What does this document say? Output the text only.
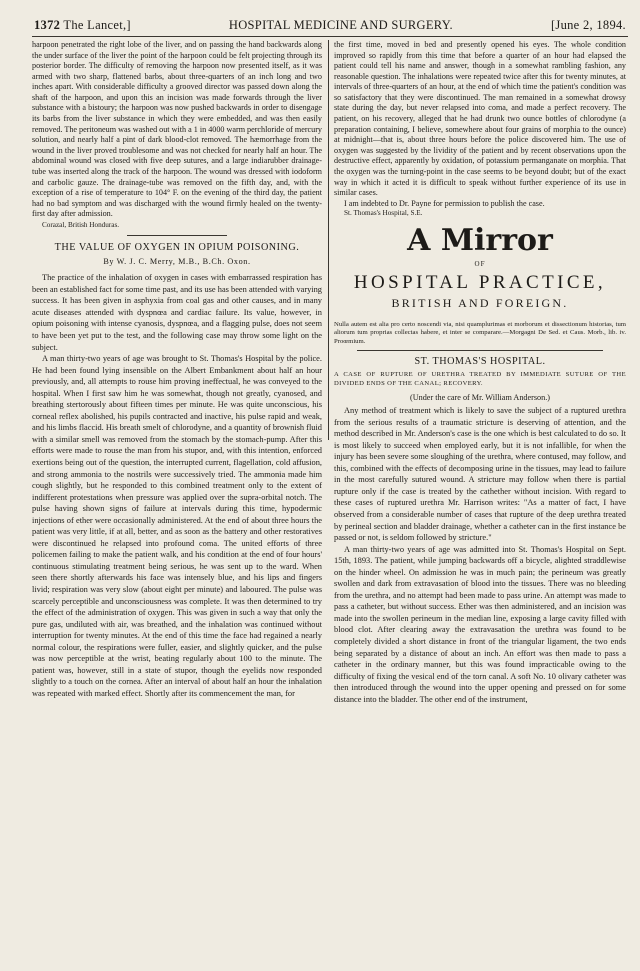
1372 The Lancet,]	HOSPITAL MEDICINE AND SURGERY.	[June 2, 1894.

harpoon penetrated the right lobe of the liver, and on passing the hand backwards along the under surface of the liver the point of the harpoon could be felt projecting through its posterior border. The difficulty of removing the harpoon now presented itself, as it was armed with two sharp, flattened barbs, about three-quarters of an inch long and two inches apart. With considerable difficulty a grooved director was passed down along the shaft of the harpoon, and upon this an incision was made forwards through the liver substance with a bistoury; the harpoon was now pushed backwards in order to disengage its barbs from the liver substance in which they were embedded, and was then easily removed. The peritoneum was washed out with a 1 in 4000 warm perchloride of mercury solution, and nearly half a pint of dark blood-clot removed. The hæmorrhage from the wound in the liver proved troublesome and was not checked for nearly half an hour. The abdominal wound was closed with five deep sutures, and a large indiarubber drainage-tube was inserted along the track of the harpoon. The wound was dressed with iodoform and carbolic gauze. The drainage-tube was removed on the fifth day, and, with the exception of a rise of temperature to 104° F. on the evening of the third day, the patient had no bad symptom and was discharged with the wound firmly healed on the twenty-first day after admission.

Corazal, British Honduras.

THE VALUE OF OXYGEN IN OPIUM POISONING.
By W. J. C. Merry, M.B., B.Ch. Oxon.

The practice of the inhalation of oxygen in cases with embarrassed respiration has been an established fact for some time past, and its use has been attended with varying success. It has been given in asphyxia from coal gas and other causes, and in many acute diseases attended with dyspnœa and cardiac failure. Its value, however, in opium poisoning with intense cyanosis, dyspnœa, and a flagging pulse, does not seem to have been yet put to the test, and the following case may throw some light on the subject.

A man thirty-two years of age was brought to St. Thomas's Hospital by the police. He had been found lying insensible on the Albert Embankment about half an hour previously, and, all attempts to rouse him proving ineffectual, he was conveyed to the hospital. When I first saw him he was somewhat, though not greatly, cyanosed, and breathing stertorously about fifteen times per minute. He was quite unconscious, his corneal reflex abolished, his pupils contracted and inactive, his pulse rapid and weak, and his limbs flaccid. His breath smelt of chlorodyne, and a quantity of brownish fluid with a similar smell was removed from the stomach by the stomach-pump. After this efforts were made to rouse the man from his stupor, and, with this intention, enforced exertions being out of the question, the interrupted current, flagellation, cold affusion, and strong ammonia to the nostrils were successively tried. The ammonia made him cough slightly, but he responded to this combined treatment only to the extent of indifferent protestations when pressure was applied over the supra-orbital notch. The pulse having shown signs of failure at intervals during this time, hypodermic injections of ether were occasionally administered. At the end of about three hours the patient was very little, if at all, better, and as soon as the battery and other restoratives were discontinued he relapsed into profound coma. The united efforts of three policemen failing to make the patient walk, and his condition at the end of four hours' continuous stimulating treatment being serious, he was sent up to the ward. When seen there shortly afterwards his face was intensely blue, and his lips and fingers livid; respiration was very slow (about eight per minute) and laboured. The pulse was scarcely perceptible and unconsciousness was complete. It was then determined to try the effect of the administration of oxygen. This was given in such a way that only the pure gas, undiluted with air, was breathed, and the inhalation was continued without interruption for twenty minutes. At the end of this time the face had regained a nearly normal colour, the respirations were fuller, easier, and slightly quicker, and the pulse was now perceptible at the wrist, beating regularly about 100 to the minute. The patient was, however, still in a state of stupor, though the eyelids now responded slightly to a touch on the cornea. After an interval of about half an hour the inhalation was repeated with marked effect. Shortly after its commencement the man, for

the first time, moved in bed and presently opened his eyes. The whole condition improved so rapidly from this time that before a quarter of an hour had elapsed the patient could tell his name and answer, though in a somewhat rambling fashion, any reasonable question. The inhalations were repeated twice after this for twenty minutes, at intervals of three-quarters of an hour, at the end of which time the patient's condition was so satisfactory that they were discontinued. The man remained in a somewhat drowsy state during the day, but never relapsed into coma, and made a perfect recovery. The patient, on his recovery, alleged that he had drunk two ounce bottles of chlorodyne (a preparation containing, I believe, somewhere about four grains of morphia to the ounce) at midnight—that is, about three hours before the police discovered him. The use of oxygen was suggested by the lividity of the patient and by recent observations upon the destructive effect, apparently by oxidation, of potassium permanganate on morphia. That the oxygen was the turning-point in the case seems to be beyond doubt; but of the exact way in which it acted it is difficult to speak without further experience of its use in similar cases.

I am indebted to Dr. Payne for permission to publish the case.

St. Thomas's Hospital, S.E.

A Mirror
OF
HOSPITAL PRACTICE,
BRITISH AND FOREIGN.

Nulla autem est alia pro certo noscendi via, nisi quamplurimas et morborum et dissectionum historias, tum aliorum tum proprias collectas habere, et inter se comparare.—Morgagni De Sed. et Caus. Morb., lib. iv. Proœmium.

ST. THOMAS'S HOSPITAL.

A CASE OF RUPTURE OF URETHRA TREATED BY IMMEDIATE SUTURE OF THE DIVIDED ENDS OF THE CANAL; RECOVERY.

(Under the care of Mr. William Anderson.)

Any method of treatment which is likely to save the subject of a ruptured urethra from the serious results of a traumatic stricture is deserving of attention, and the method described in Mr. Anderson's case is the one which is best calculated to do so. It is most likely to succeed when employed early, but it is not infallible, for when the injury has been severe some sloughing of the urethra, where contused, may follow, and this, combined with the effects of decomposing urine in the tissues, may lead to failure in the most carefully sutured wound. A stricture may follow when there is partial rupture only if the case is treated by the cathether without incision. With regard to these cases of ruptured urethra Mr. Harrison writes: "As a matter of fact, I have observed from a considerable number of cases that rupture of the deep urethra treated by perineal section and bladder drainage, whether a catheter can in the first instance be passed or not, is seldom followed by stricture."

A man thirty-two years of age was admitted into St. Thomas's Hospital on Sept. 15th, 1893. The patient, while jumping backwards off a bicycle, alighted straddlewise on the hinder wheel. On admission he was in much pain; the perineum was greatly swollen and dark from extravasation of blood into the tissues. There was no bleeding from the urethra, and no attempt had been made to pass urine. An attempt was made to pass a catheter, but without success. Ether was then administered, and an incision was made into the swollen perineum in the median line, exposing a large cavity filled with blood clot. After clearing away the extravasation the urethra was found to be completely divided a short distance in front of the triangular ligament, the two ends being separated by a distance of about an inch. An effort was then made to pass a catheter in the ordinary manner, but this was found impracticable owing to the difficulty of fixing the vesical end of the torn canal. A soft No. 10 olivary catheter was then introduced through the wound into the upper opening and pressed on for some distance into the bladder. The other end of the instrument,
